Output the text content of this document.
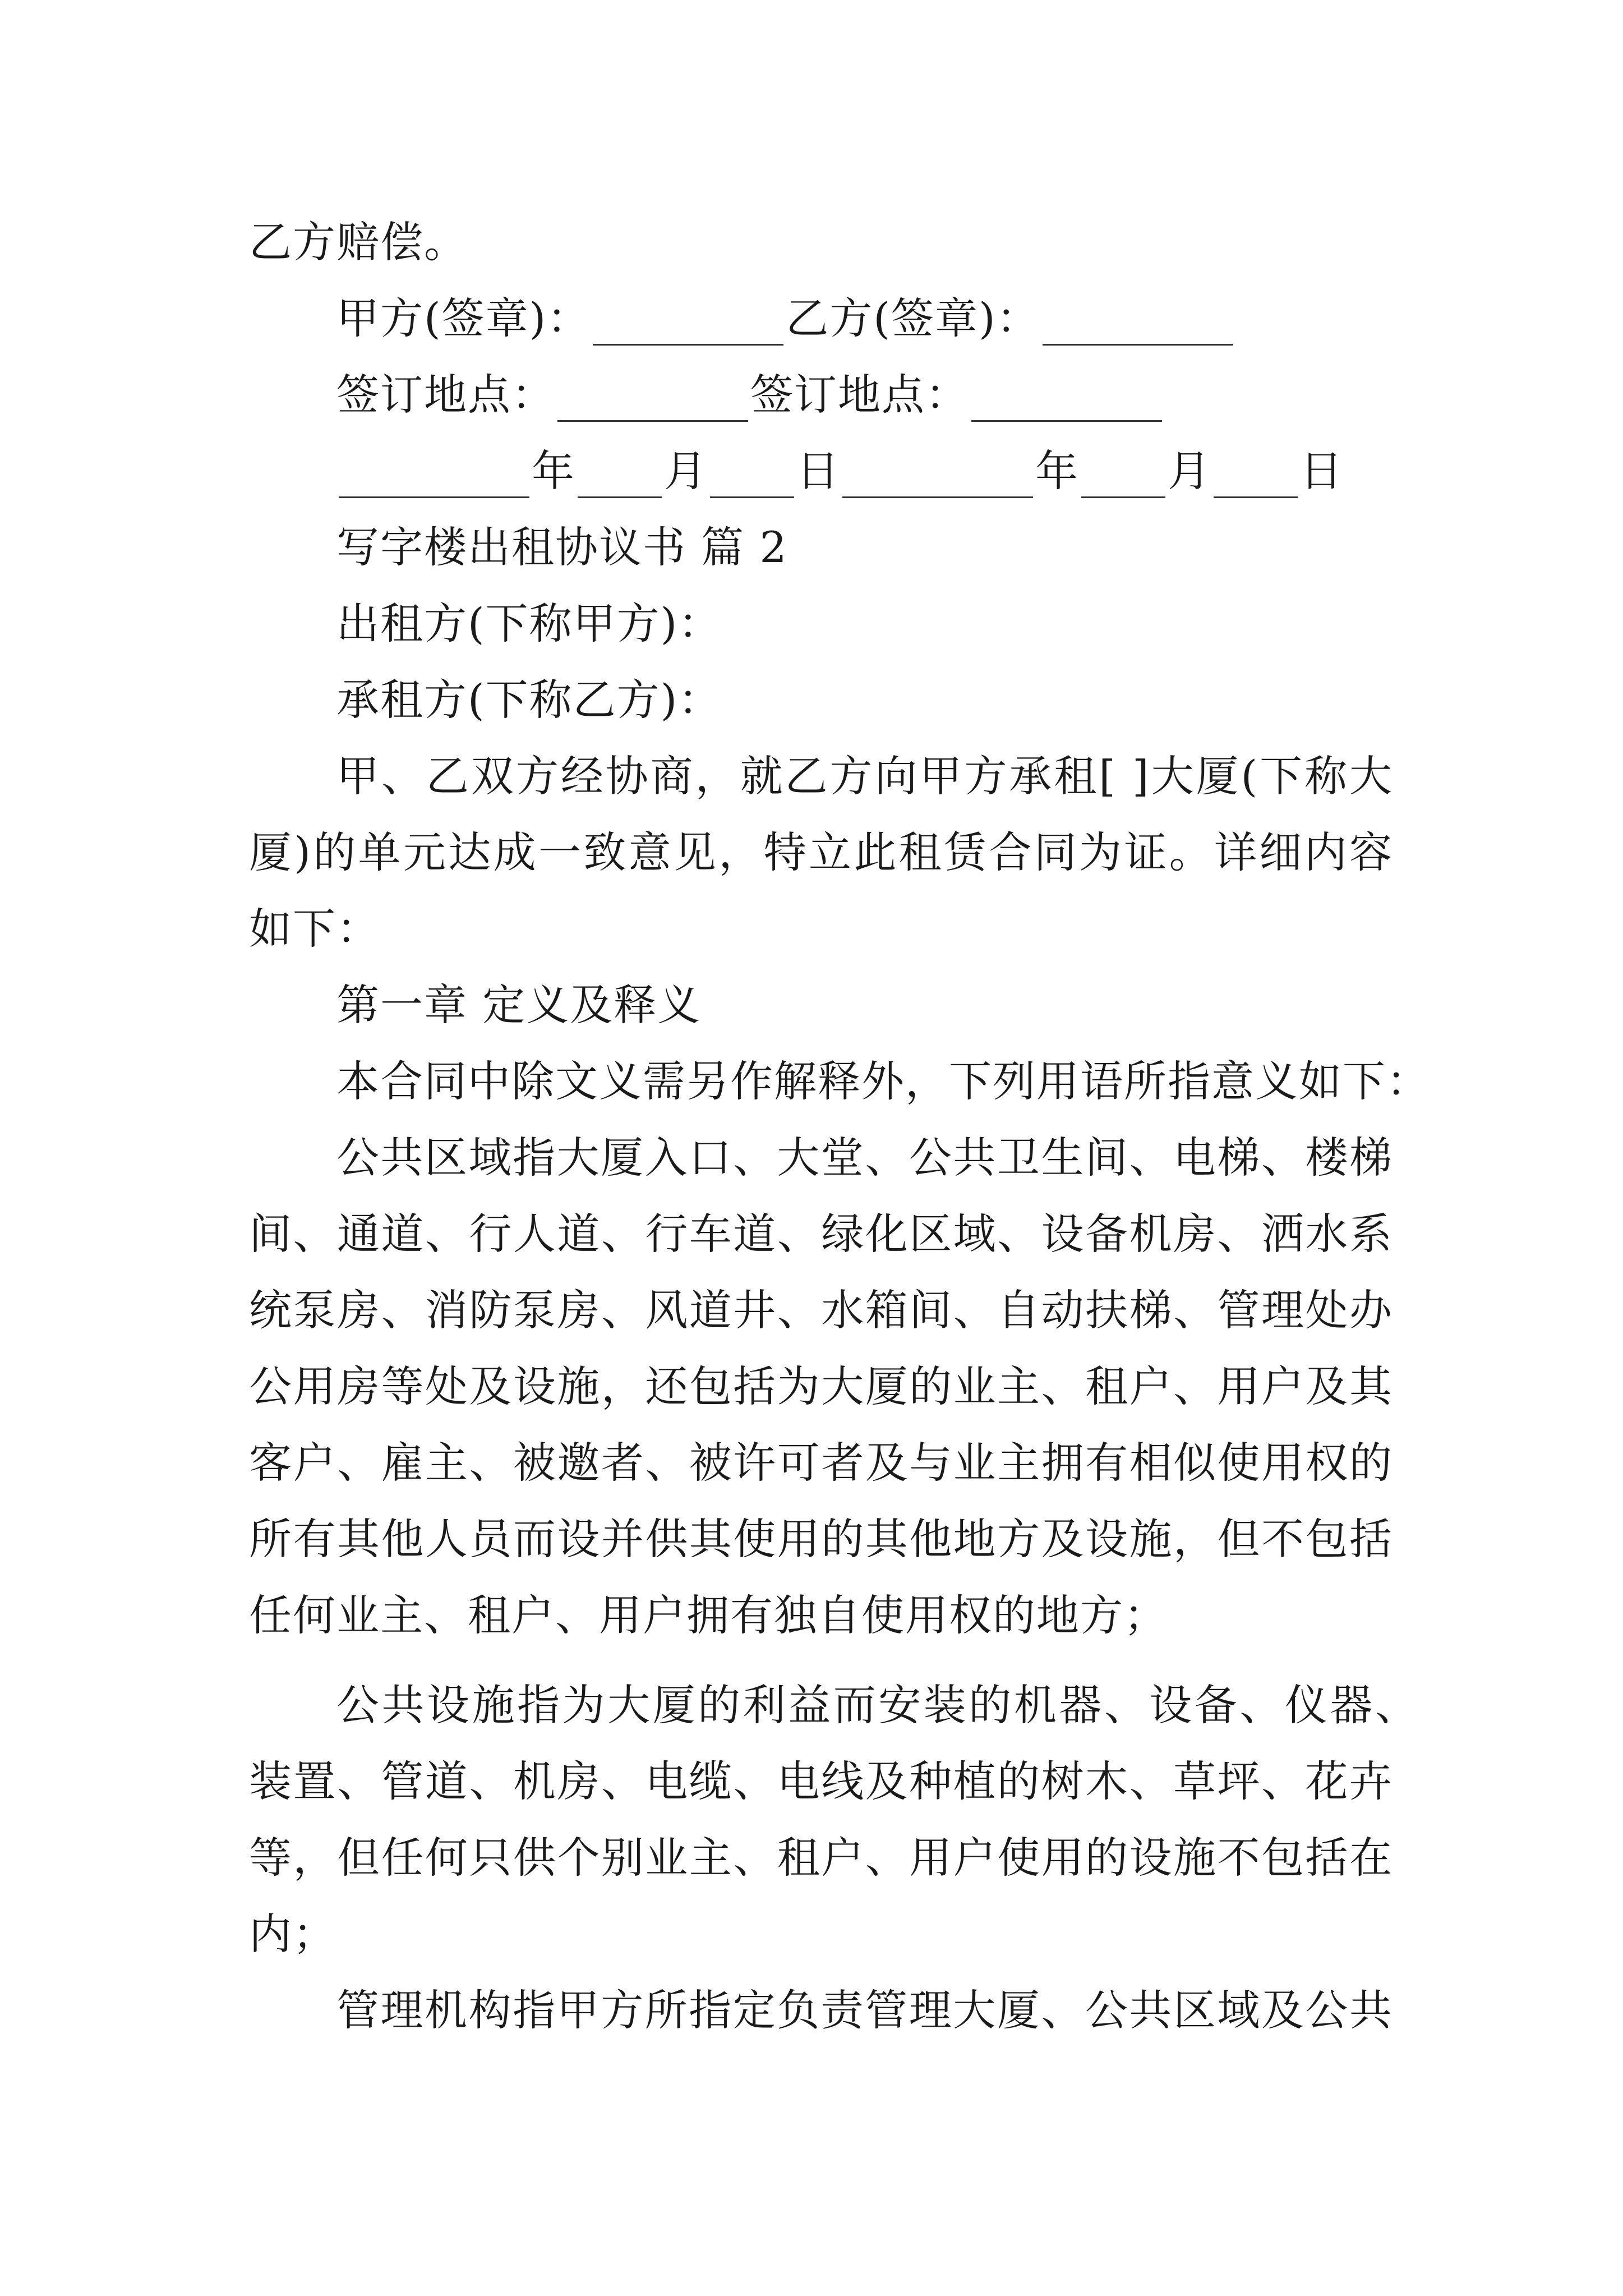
乙方赔偿。
甲方(签章)：	乙方(签章)：
签订地点：	签订地点：
年 月 日	年 月 日
写字楼出租协议书 篇 2
出租方(下称甲方)：
承租方(下称乙方)：
甲、乙双方经协商，就乙方向甲方承租[ ]大厦(下称大
厦)的单元达成一致意见，特立此租赁合同为证。详细内容
如下：
第一章 定义及释义
本合同中除文义需另作解释外，下列用语所指意义如下：
公共区域指大厦入口、大堂、公共卫生间、电梯、楼梯
间、通道、行人道、行车道、绿化区域、设备机房、洒水系
统泵房、消防泵房、风道井、水箱间、自动扶梯、管理处办
公用房等处及设施，还包括为大厦的业主、租户、用户及其
客户、雇主、被邀者、被许可者及与业主拥有相似使用权的
所有其他人员而设并供其使用的其他地方及设施，但不包括
任何业主、租户、用户拥有独自使用权的地方；
公共设施指为大厦的利益而安装的机器、设备、仪器、
装置、管道、机房、电缆、电线及种植的树木、草坪、花卉
等，但任何只供个别业主、租户、用户使用的设施不包括在
内；
管理机构指甲方所指定负责管理大厦、公共区域及公共
